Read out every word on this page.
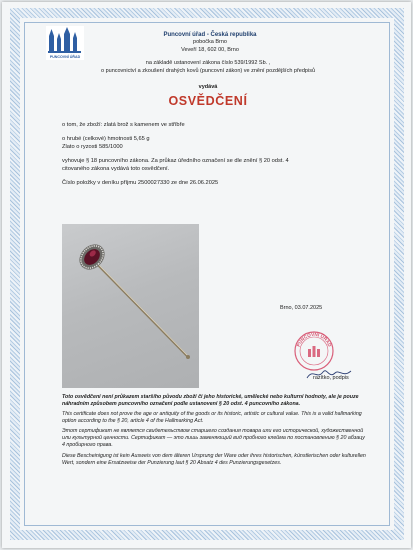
PUNCOVNÍ ÚŘAD
Puncovní úřad - Česká republika
pobočka Brno
Veveří 18, 602 00, Brno
na základě ustanovení zákona číslo 539/1992 Sb. ,
o puncovnictví a zkoušení drahých kovů (puncovní zákon) ve znění pozdějších předpisů
vydává
OSVĚDČENÍ

o tom, že zboží: zlatá brož s kamenem ve stříbře

o hrubé (celkové) hmotnosti 5,65 g

Zlato o ryzosti 585/1000

vyhovuje § 18 puncovního zákona. Za průkaz úředního označení se dle znění § 20 odst. 4

citovaného zákona vydává toto osvědčení.

Číslo položky v deníku příjmu 2500027330 ze dne 26.06.2025

Brno, 03.07.2025
PUNCOVNÍ ÚŘAD
razítko, podpis

Toto osvědčení není průkazem staršího původu zboží či jeho historické, umělecké nebo kulturní hodnoty, ale je pouze náhradním způsobem puncovního označení podle ustanovení § 20 odst. 4 puncovního zákona.

This certificate does not prove the age or antiquity of the goods or its historic, artistic or cultural value. This is a valid hallmarking option according to the § 20, article 4 of the Hallmarking Act.

Этот сертификат не является свидетельством старшего создания товара или его исторической, художественной или культурной ценности. Сертификат — это лишь заменяющий вид пробного клейма по постановлению § 20 абзацу 4 пробирного права.

Diese Bescheinigung ist kein Ausweis von dem älteren Ursprung der Ware oder ihres historischen, künstlerischen oder kulturellen Wert, sondern eine Ersatzweise der Punzierung laut § 20 Absatz 4 des Punzierungsgesetzes.
